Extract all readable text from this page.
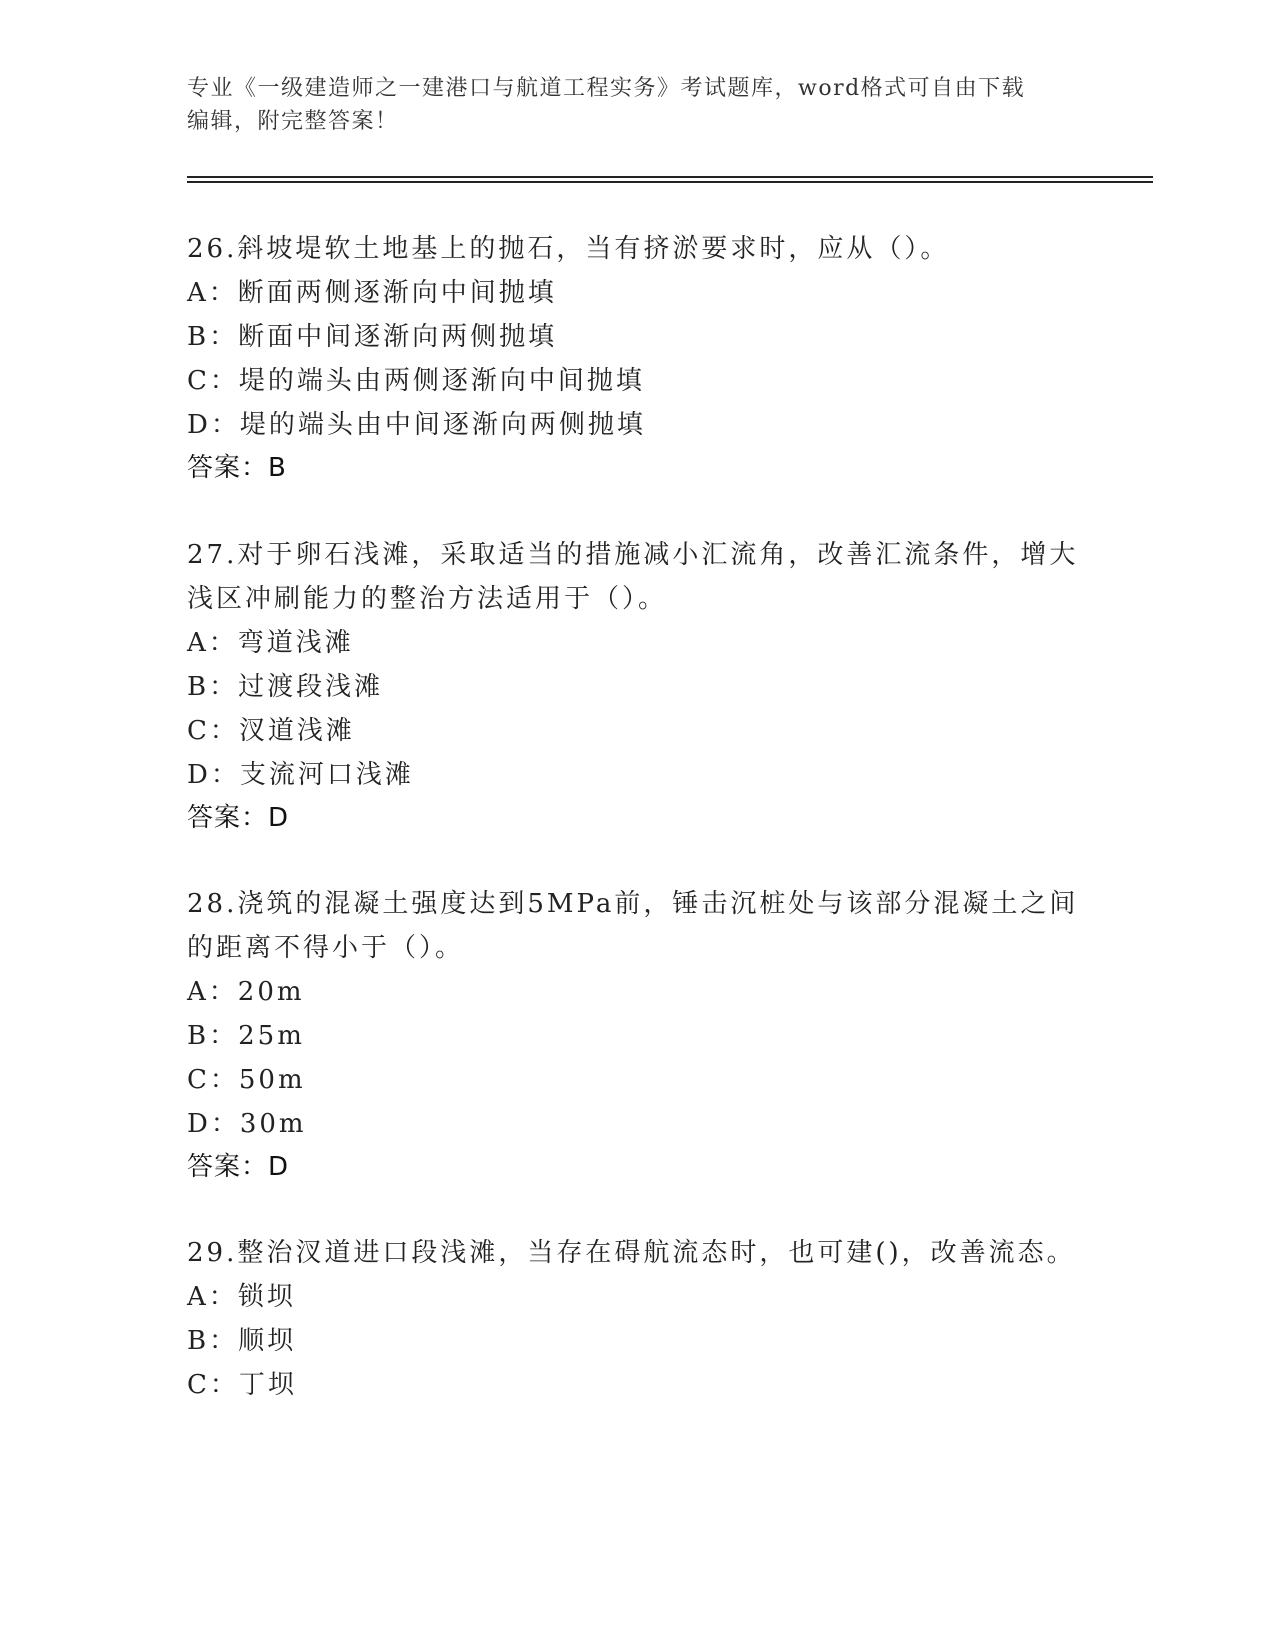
专业《一级建造师之一建港口与航道工程实务》考试题库，word格式可自由下载
编辑，附完整答案！
26.斜坡堤软土地基上的抛石，当有挤淤要求时，应从（）。
A：断面两侧逐渐向中间抛填
B：断面中间逐渐向两侧抛填
C：堤的端头由两侧逐渐向中间抛填
D：堤的端头由中间逐渐向两侧抛填
答案：B
27.对于卵石浅滩，采取适当的措施减小汇流角，改善汇流条件，增大
浅区冲刷能力的整治方法适用于（）。
A：弯道浅滩
B：过渡段浅滩
C：汊道浅滩
D：支流河口浅滩
答案：D
28.浇筑的混凝土强度达到5MPa前，锤击沉桩处与该部分混凝土之间
的距离不得小于（）。
A：20m
B：25m
C：50m
D：30m
答案：D
29.整治汊道进口段浅滩，当存在碍航流态时，也可建()，改善流态。
A：锁坝
B：顺坝
C：丁坝
